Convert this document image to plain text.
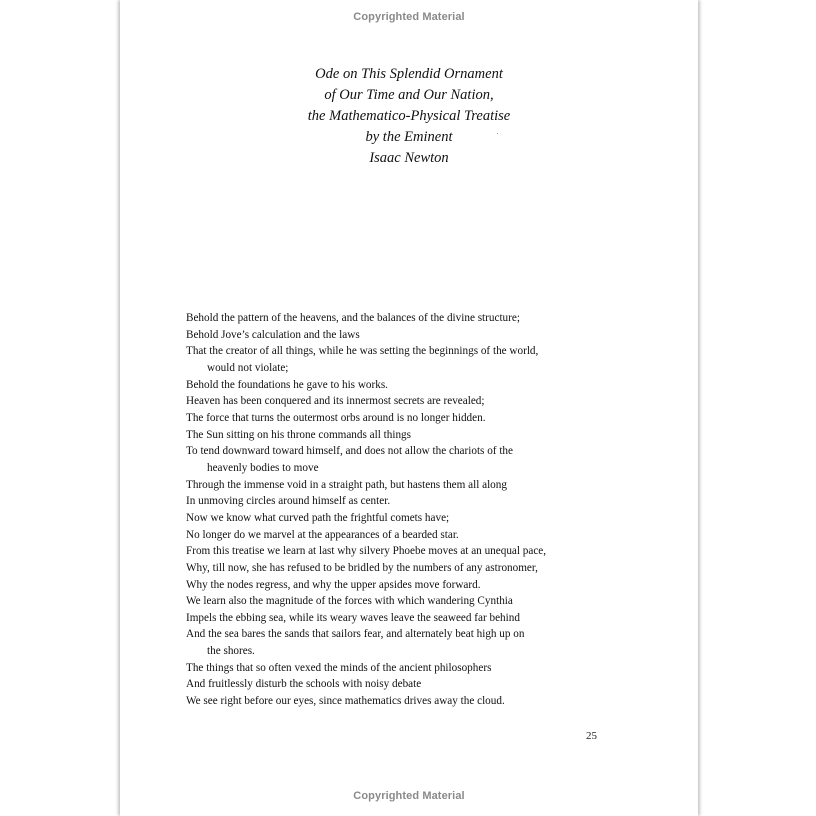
Copyrighted Material
Ode on This Splendid Ornament
of Our Time and Our Nation,
the Mathematico-Physical Treatise
by the Eminent
Isaac Newton
Behold the pattern of the heavens, and the balances of the divine structure;
Behold Jove’s calculation and the laws
That the creator of all things, while he was setting the beginnings of the world,
would not violate;
Behold the foundations he gave to his works.
Heaven has been conquered and its innermost secrets are revealed;
The force that turns the outermost orbs around is no longer hidden.
The Sun sitting on his throne commands all things
To tend downward toward himself, and does not allow the chariots of the
heavenly bodies to move
Through the immense void in a straight path, but hastens them all along
In unmoving circles around himself as center.
Now we know what curved path the frightful comets have;
No longer do we marvel at the appearances of a bearded star.
From this treatise we learn at last why silvery Phoebe moves at an unequal pace,
Why, till now, she has refused to be bridled by the numbers of any astronomer,
Why the nodes regress, and why the upper apsides move forward.
We learn also the magnitude of the forces with which wandering Cynthia
Impels the ebbing sea, while its weary waves leave the seaweed far behind
And the sea bares the sands that sailors fear, and alternately beat high up on
the shores.
The things that so often vexed the minds of the ancient philosophers
And fruitlessly disturb the schools with noisy debate
We see right before our eyes, since mathematics drives away the cloud.
25
Copyrighted Material
